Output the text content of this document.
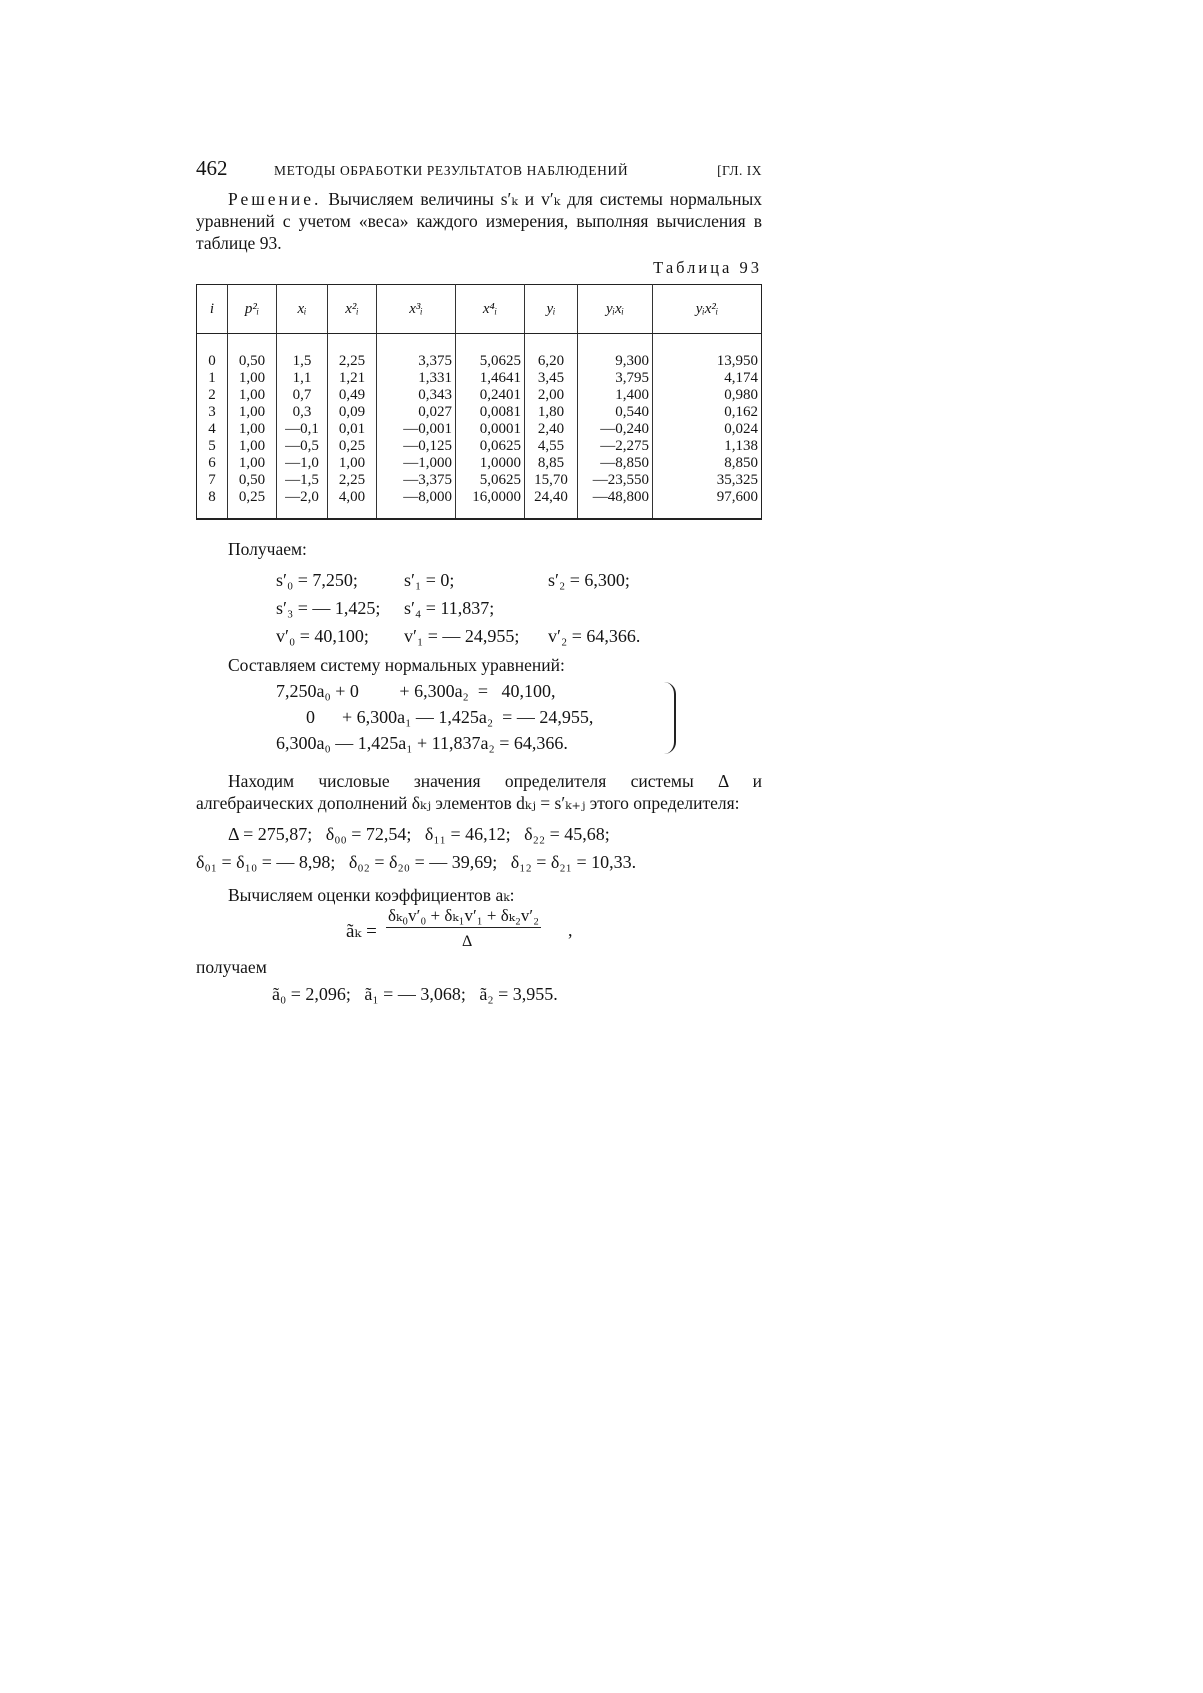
462	МЕТОДЫ ОБРАБОТКИ РЕЗУЛЬТАТОВ НАБЛЮДЕНИЙ	[ГЛ. IX

Решение. Вычисляем величины s′ₖ и v′ₖ для системы нормальных уравнений с учетом «веса» каждого измерения, выполняя вычисления в таблице 93.

Таблица 93
i	p²ᵢ	xᵢ	x²ᵢ	x³ᵢ	x⁴ᵢ	yᵢ	yᵢxᵢ	yᵢx²ᵢ
0	0,50	1,5	2,25	3,375	5,0625	6,20	9,300	13,950
1	1,00	1,1	1,21	1,331	1,4641	3,45	3,795	4,174
2	1,00	0,7	0,49	0,343	0,2401	2,00	1,400	0,980
3	1,00	0,3	0,09	0,027	0,0081	1,80	0,540	0,162
4	1,00	—0,1	0,01	—0,001	0,0001	2,40	—0,240	0,024
5	1,00	—0,5	0,25	—0,125	0,0625	4,55	—2,275	1,138
6	1,00	—1,0	1,00	—1,000	1,0000	8,85	—8,850	8,850
7	0,50	—1,5	2,25	—3,375	5,0625	15,70	—23,550	35,325
8	0,25	—2,0	4,00	—8,000	16,0000	24,40	—48,800	97,600

Получаем:

s′₀ = 7,250;	s′₁ = 0;	s′₂ = 6,300;
s′₃ = — 1,425; s′₄ = 11,837;
v′₀ = 40,100; v′₁ = — 24,955; v′₂ = 64,366.

Составляем систему нормальных уравнений:

7,250a₀ + 0         + 6,300a₂  =   40,100,
0      + 6,300a₁ — 1,425a₂  = — 24,955,
6,300a₀ — 1,425a₁ + 11,837a₂ = 64,366.

Находим числовые значения определителя системы Δ и алгебраических дополнений δₖⱼ элементов dₖⱼ = s′ₖ₊ⱼ этого определителя:

Δ = 275,87;   δ₀₀ = 72,54;   δ₁₁ = 46,12;   δ₂₂ = 45,68;
δ₀₁ = δ₁₀ = — 8,98;   δ₀₂ = δ₂₀ = — 39,69;   δ₁₂ = δ₂₁ = 10,33.

Вычисляем оценки коэффициентов aₖ:

ãₖ =
δₖ₀v′₀ + δₖ₁v′₁ + δₖ₂v′₂
Δ
,

получаем

ã₀ = 2,096;   ã₁ = — 3,068;   ã₂ = 3,955.
